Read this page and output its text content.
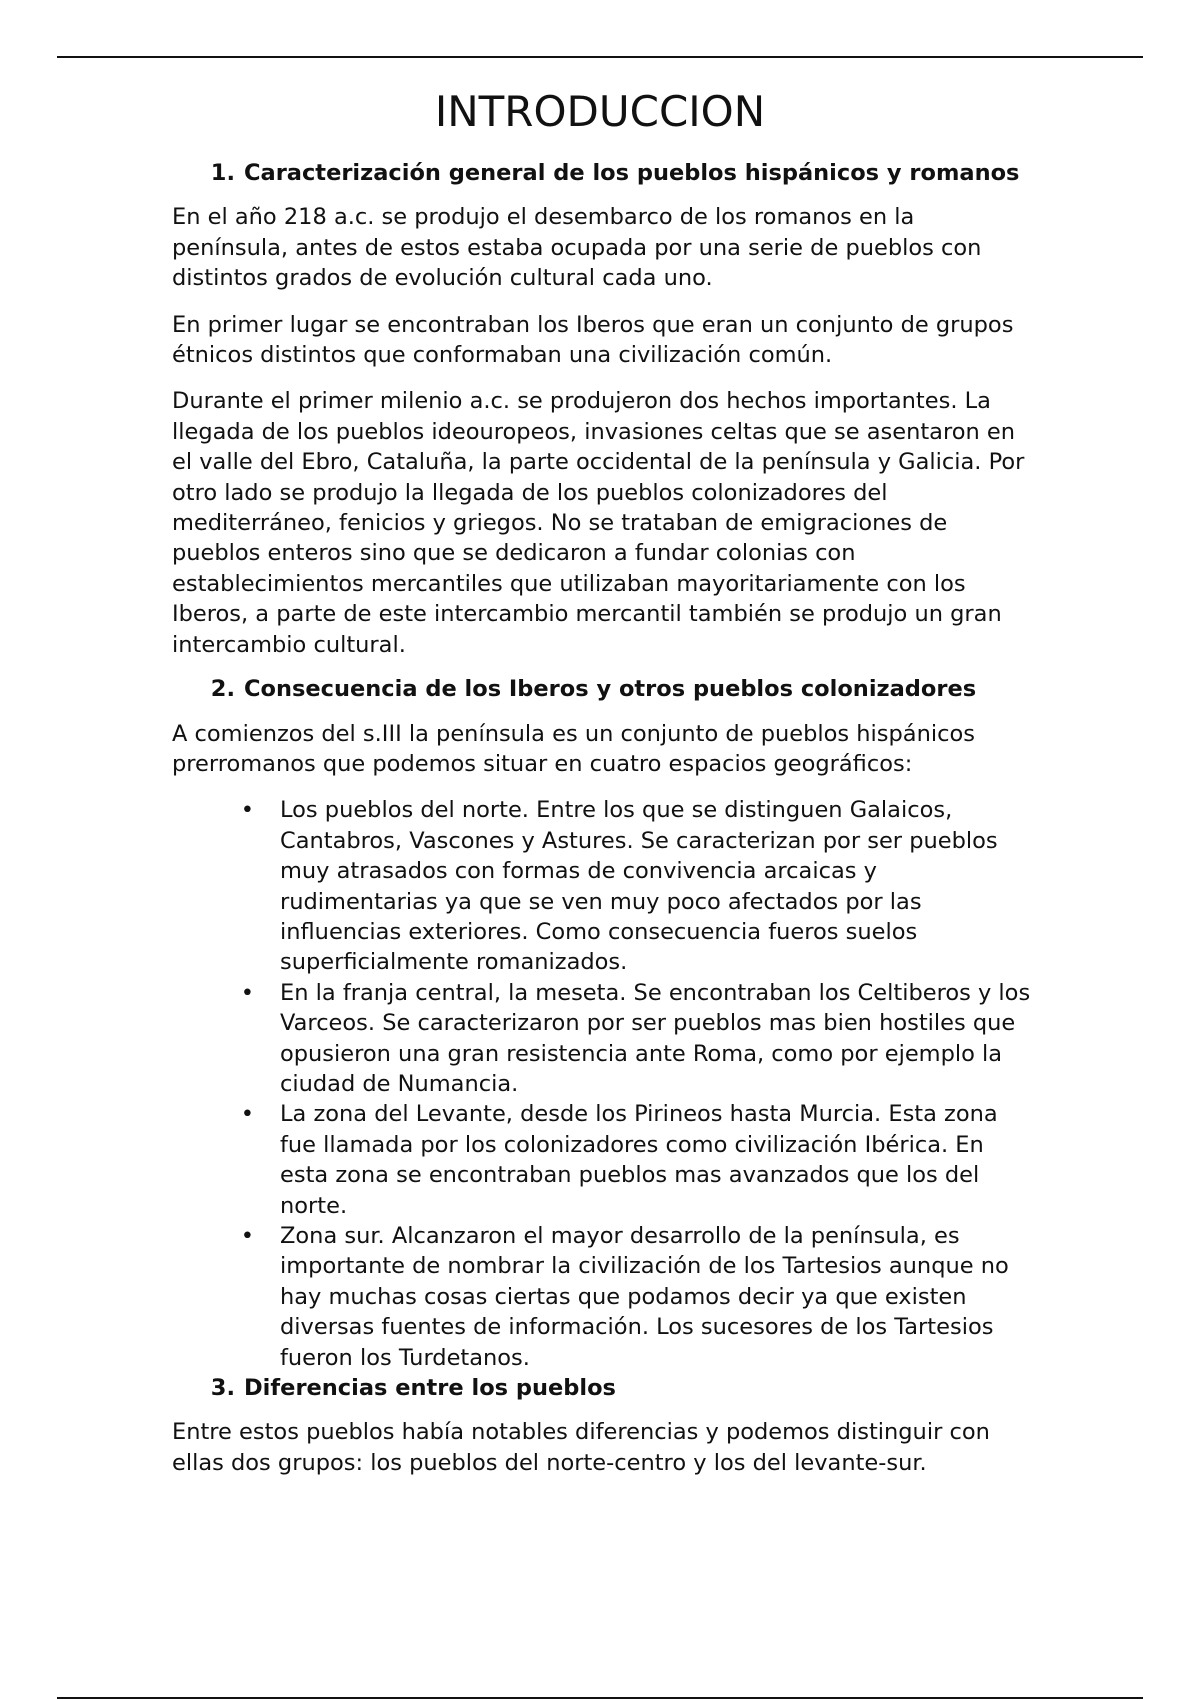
INTRODUCCION
1. Caracterización general de los pueblos hispánicos y romanos

En el año 218 a.c. se produjo el desembarco de los romanos en la península, antes de estos estaba ocupada por una serie de pueblos con distintos grados de evolución cultural cada uno.

En primer lugar se encontraban los Iberos que eran un conjunto de grupos étnicos distintos que conformaban una civilización común.

Durante el primer milenio a.c. se produjeron dos hechos importantes. La llegada de los pueblos ideouropeos, invasiones celtas que se asentaron en el valle del Ebro, Cataluña, la parte occidental de la península y Galicia. Por otro lado se produjo la llegada de los pueblos colonizadores del mediterráneo, fenicios y griegos. No se trataban de emigraciones de pueblos enteros sino que se dedicaron a fundar colonias con establecimientos mercantiles que utilizaban mayoritariamente con los Iberos, a parte de este intercambio mercantil también se produjo un gran intercambio cultural.

2. Consecuencia de los Iberos y otros pueblos colonizadores

A comienzos del s.III la península es un conjunto de pueblos hispánicos prerromanos que podemos situar en cuatro espacios geográficos:

•	Los pueblos del norte. Entre los que se distinguen Galaicos, Cantabros, Vascones y Astures. Se caracterizan por ser pueblos muy atrasados con formas de convivencia arcaicas y rudimentarias ya que se ven muy poco afectados por las influencias exteriores. Como consecuencia fueros suelos superficialmente romanizados.
•	En la franja central, la meseta. Se encontraban los Celtiberos y los Varceos. Se caracterizaron por ser pueblos mas bien hostiles que opusieron una gran resistencia ante Roma, como por ejemplo la ciudad de Numancia.
•	La zona del Levante, desde los Pirineos hasta Murcia. Esta zona fue llamada por los colonizadores como civilización Ibérica. En esta zona se encontraban pueblos mas avanzados que los del norte.
•	Zona sur. Alcanzaron el mayor desarrollo de la península, es importante de nombrar la civilización de los Tartesios aunque no hay muchas cosas ciertas que podamos decir ya que existen diversas fuentes de información. Los sucesores de los Tartesios fueron los Turdetanos.
3. Diferencias entre los pueblos

Entre estos pueblos había notables diferencias y podemos distinguir con ellas dos grupos: los pueblos del norte-centro y los del levante-sur.
